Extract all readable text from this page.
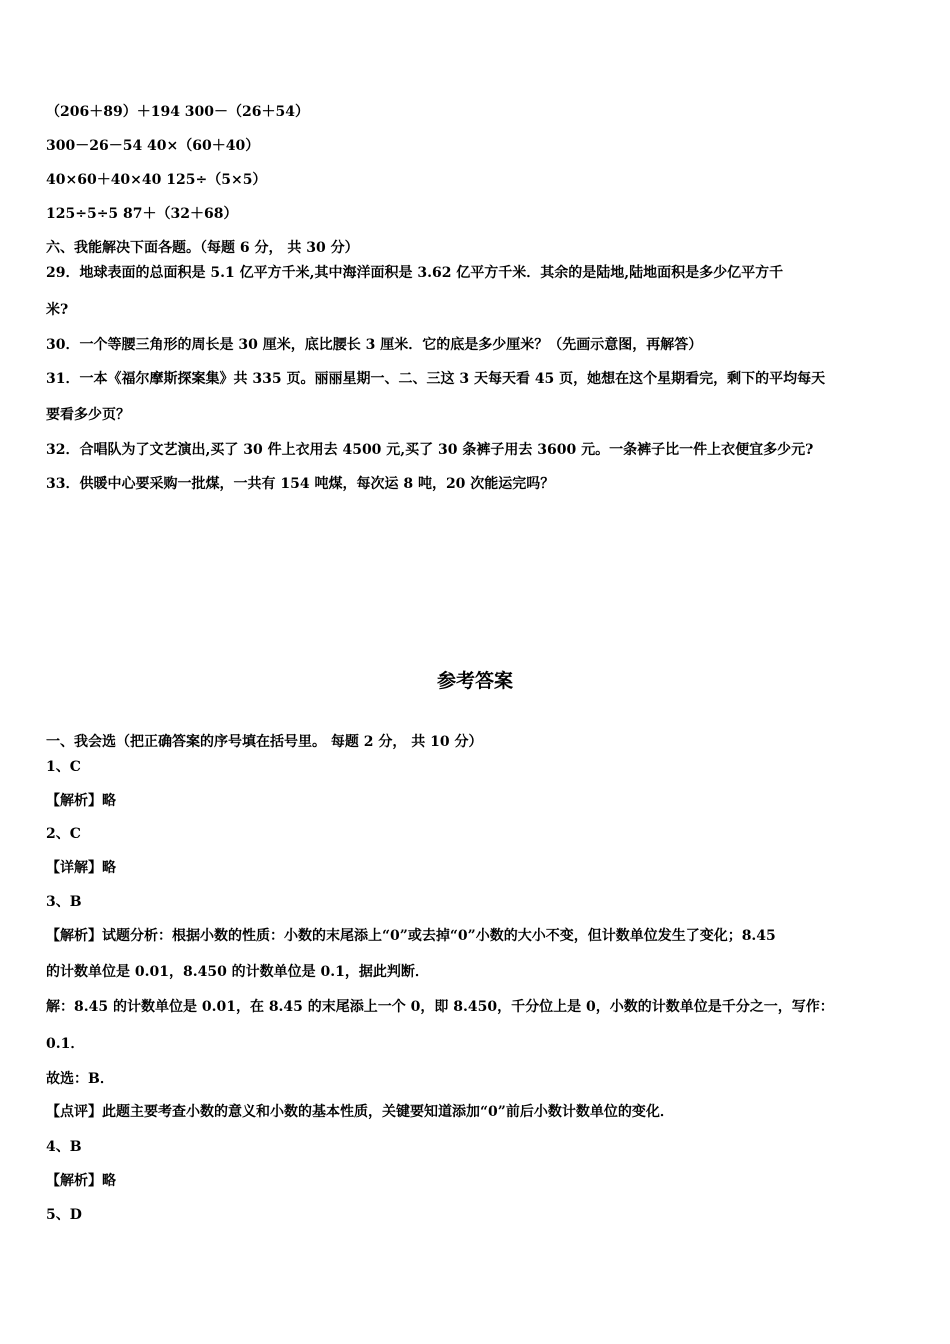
（206＋89）＋194 300－（26＋54）
300－26－54 40×（60＋40）
40×60＋40×40 125÷（5×5）
125÷5÷5 87＋（32＋68）
六、我能解决下面各题。（每题 6 分， 共 30 分）
29．地球表面的总面积是 5.1 亿平方千米,其中海洋面积是 3.62 亿平方千米．其余的是陆地,陆地面积是多少亿平方千
米?
30．一个等腰三角形的周长是 30 厘米，底比腰长 3 厘米．它的底是多少厘米？（先画示意图，再解答）
31．一本《福尔摩斯探案集》共 335 页。丽丽星期一、二、三这 3 天每天看 45 页，她想在这个星期看完，剩下的平均每天
要看多少页？
32．合唱队为了文艺演出,买了 30 件上衣用去 4500 元,买了 30 条裤子用去 3600 元。一条裤子比一件上衣便宜多少元?
33．供暖中心要采购一批煤，一共有 154 吨煤，每次运 8 吨，20 次能运完吗？
参考答案
一、我会选（把正确答案的序号填在括号里。 每题 2 分， 共 10 分）
1、C
【解析】略
2、C
【详解】略
3、B
【解析】试题分析：根据小数的性质：小数的末尾添上“0”或去掉“0”小数的大小不变，但计数单位发生了变化；8.45
的计数单位是 0.01，8.450 的计数单位是 0.1，据此判断．
解：8.45 的计数单位是 0.01，在 8.45 的末尾添上一个 0，即 8.450，千分位上是 0，小数的计数单位是千分之一，写作：
0.1．
故选：B．
【点评】此题主要考查小数的意义和小数的基本性质，关键要知道添加“0”前后小数计数单位的变化．
4、B
【解析】略
5、D
